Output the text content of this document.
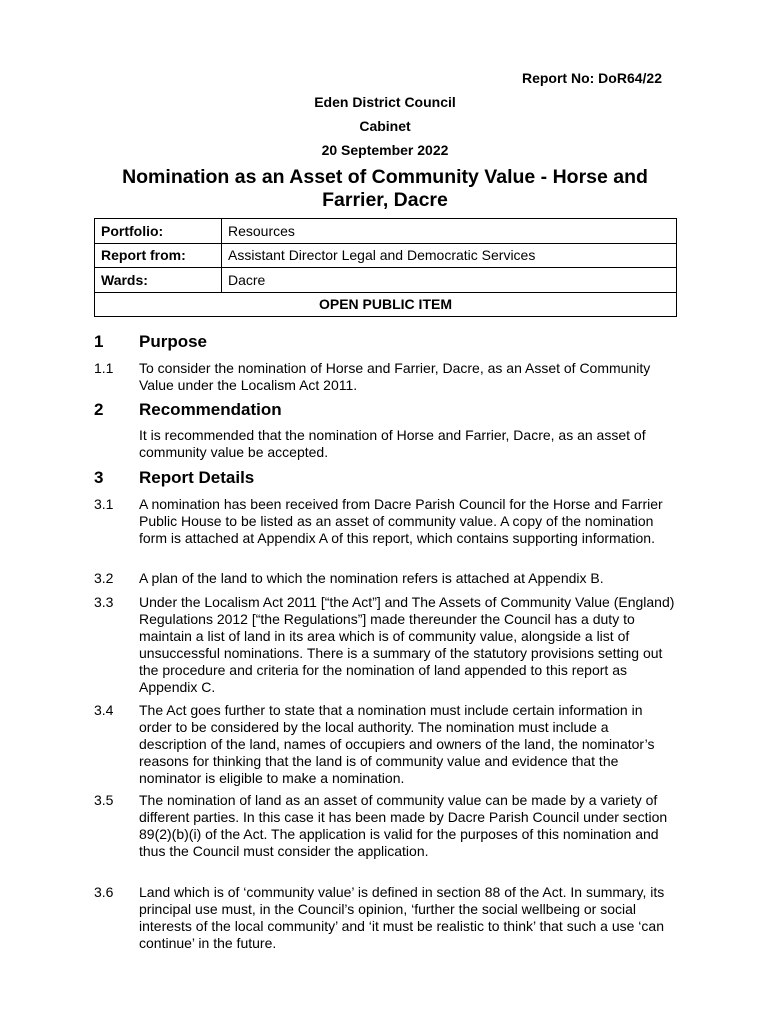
Report No: DoR64/22
Eden District Council
Cabinet
20 September 2022
Nomination as an Asset of Community Value - Horse and Farrier, Dacre
Portfolio:	Resources
Report from:	Assistant Director Legal and Democratic Services
Wards:	Dacre
OPEN PUBLIC ITEM	
1 Purpose
1.1 To consider the nomination of Horse and Farrier, Dacre, as an Asset of Community Value under the Localism Act 2011.
2 Recommendation
It is recommended that the nomination of Horse and Farrier, Dacre, as an asset of community value be accepted.
3 Report Details
3.1 A nomination has been received from Dacre Parish Council for the Horse and Farrier Public House to be listed as an asset of community value. A copy of the nomination form is attached at Appendix A of this report, which contains supporting information.
3.2 A plan of the land to which the nomination refers is attached at Appendix B.
3.3 Under the Localism Act 2011 [“the Act”] and The Assets of Community Value (England) Regulations 2012 [“the Regulations”] made thereunder the Council has a duty to maintain a list of land in its area which is of community value, alongside a list of unsuccessful nominations. There is a summary of the statutory provisions setting out the procedure and criteria for the nomination of land appended to this report as Appendix C.
3.4 The Act goes further to state that a nomination must include certain information in order to be considered by the local authority. The nomination must include a description of the land, names of occupiers and owners of the land, the nominator’s reasons for thinking that the land is of community value and evidence that the nominator is eligible to make a nomination.
3.5 The nomination of land as an asset of community value can be made by a variety of different parties. In this case it has been made by Dacre Parish Council under section 89(2)(b)(i) of the Act. The application is valid for the purposes of this nomination and thus the Council must consider the application.
3.6 Land which is of ‘community value’ is defined in section 88 of the Act. In summary, its principal use must, in the Council’s opinion, ‘further the social wellbeing or social interests of the local community’ and ‘it must be realistic to think’ that such a use ‘can continue’ in the future.
